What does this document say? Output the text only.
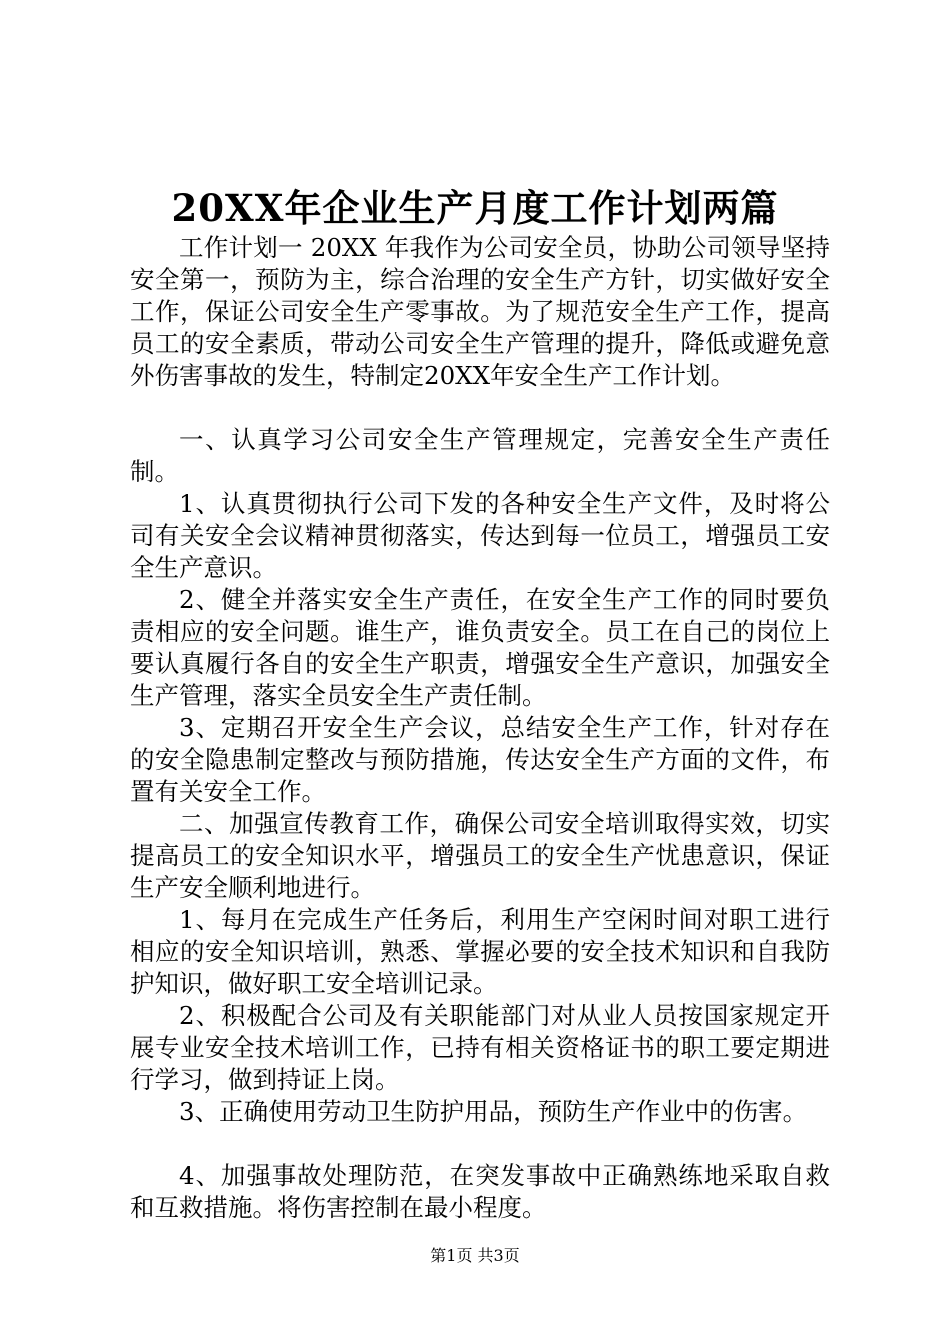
20XX年企业生产月度工作计划两篇

工作计划一 20XX 年我作为公司安全员，协助公司领导坚持安全第一，预防为主，综合治理的安全生产方针，切实做好安全工作，保证公司安全生产零事故。为了规范安全生产工作，提高员工的安全素质，带动公司安全生产管理的提升，降低或避免意外伤害事故的发生，特制定20XX年安全生产工作计划。

一、认真学习公司安全生产管理规定，完善安全生产责任制。

1、认真贯彻执行公司下发的各种安全生产文件，及时将公司有关安全会议精神贯彻落实，传达到每一位员工，增强员工安全生产意识。

2、健全并落实安全生产责任，在安全生产工作的同时要负责相应的安全问题。谁生产，谁负责安全。员工在自己的岗位上要认真履行各自的安全生产职责，增强安全生产意识，加强安全生产管理，落实全员安全生产责任制。

3、定期召开安全生产会议，总结安全生产工作，针对存在的安全隐患制定整改与预防措施，传达安全生产方面的文件，布置有关安全工作。

二、加强宣传教育工作，确保公司安全培训取得实效，切实提高员工的安全知识水平，增强员工的安全生产忧患意识，保证生产安全顺利地进行。

1、每月在完成生产任务后，利用生产空闲时间对职工进行相应的安全知识培训，熟悉、掌握必要的安全技术知识和自我防护知识，做好职工安全培训记录。

2、积极配合公司及有关职能部门对从业人员按国家规定开展专业安全技术培训工作，已持有相关资格证书的职工要定期进行学习，做到持证上岗。

3、正确使用劳动卫生防护用品，预防生产作业中的伤害。

4、加强事故处理防范，在突发事故中正确熟练地采取自救和互救措施。将伤害控制在最小程度。

第1页 共3页
